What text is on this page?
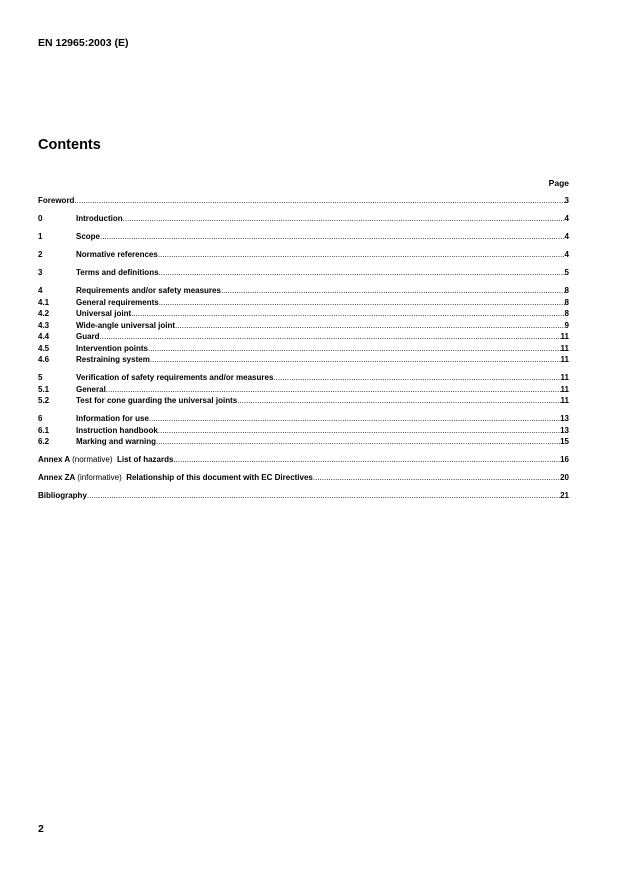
EN 12965:2003 (E)
Contents
Page
Foreword .....	3
0	Introduction .....	4
1	Scope .....	4
2	Normative references .....	4
3	Terms and definitions .....	5
4	Requirements and/or safety measures .....	8
4.1	General requirements .....	8
4.2	Universal joint .....	8
4.3	Wide-angle universal joint .....	9
4.4	Guard .....	11
4.5	Intervention points .....	11
4.6	Restraining system .....	11
5	Verification of safety requirements and/or measures .....	11
5.1	General .....	11
5.2	Test for cone guarding the universal joints .....	11
6	Information for use .....	13
6.1	Instruction handbook .....	13
6.2	Marking and warning .....	15
Annex A (normative) List of hazards .....	16
Annex ZA (informative) Relationship of this document with EC Directives .....	20
Bibliography .....	21
2
